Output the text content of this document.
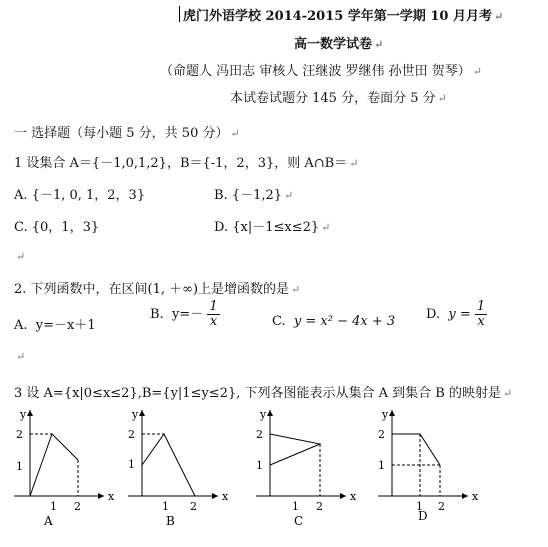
虎门外语学校 2014-2015 学年第一学期 10 月月考 ↵
高一数学试卷 ↵
（命题人 冯田志 审核人 汪继波 罗继伟 孙世田 贺琴） ↵
本试卷试题分 145 分，卷面分 5 分 ↵
一 选择题（每小题 5 分，共 50 分） ↵
1 设集合 A＝{－1,0,1,2}，B＝{-1，2，3}，则 A∩B＝ ↵
A. {－1, 0, 1，2，3}	B. {－1,2} ↵
C. {0，1，3}	D. {x|－1≤x≤2} ↵
↵
2. 下列函数中，在区间(1, ＋∞)上是增函数的是 ↵
A. y=－x＋1
B. $y=- \frac{1}{x}$	C. y = x² − 4x + 3 D. $y = \frac{1}{x}$
↵
3 设 A={x|0≤x≤2},B={y|1≤y≤2}, 下列各图能表示从集合 A 到集合 B 的映射是 ↵
y
x
2
1
1 2
A
y
x
2
1
1 2
B
y
x
2
1
1 2
C
y
x
2
1
1 2
D
